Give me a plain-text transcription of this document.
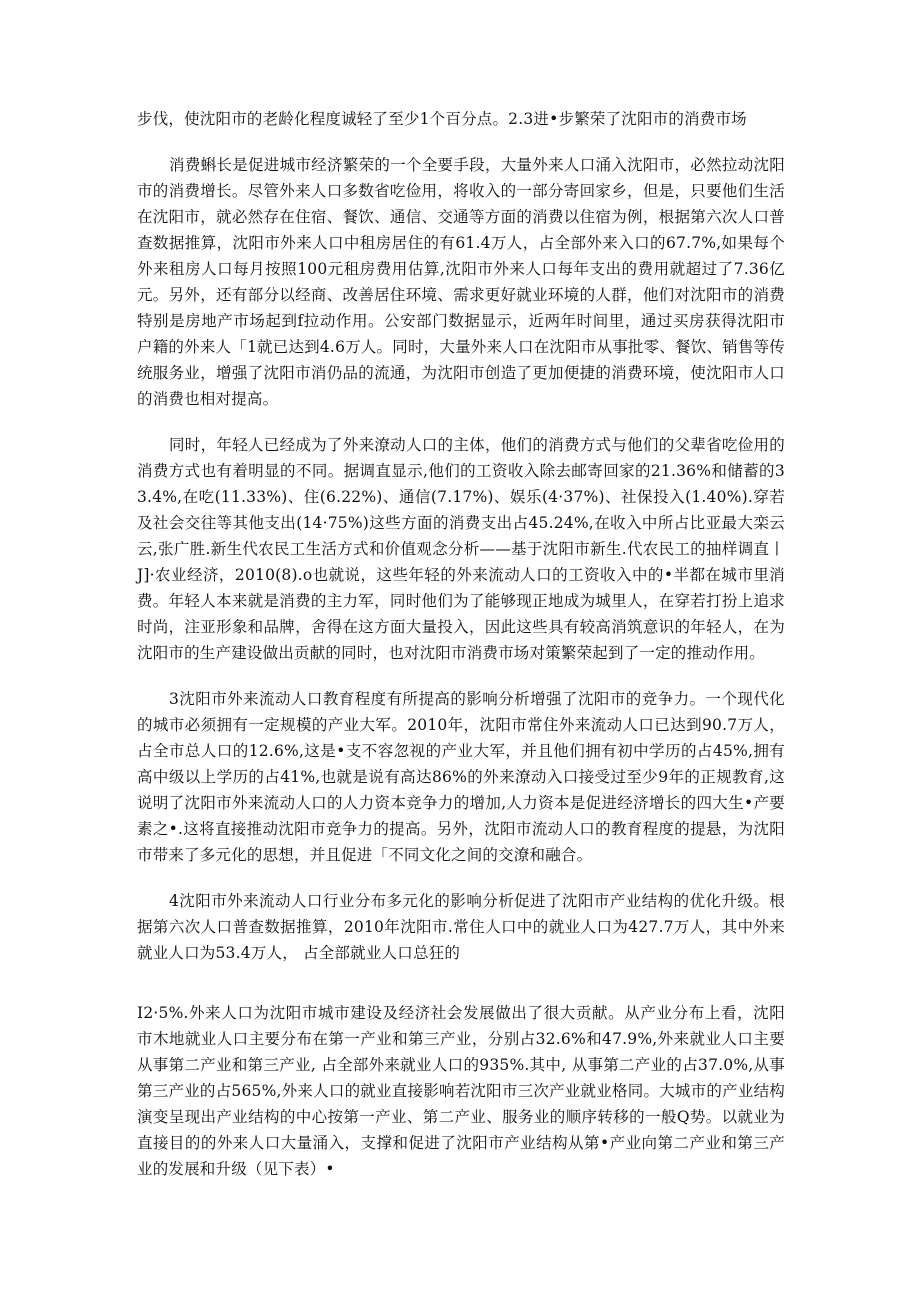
步伐，使沈阳市的老龄化程度诚轻了至少1个百分点。2.3进•步繁荣了沈阳市的消费市场

消费蝌长是促进城市经济繁荣的一个全要手段，大量外来人口涌入沈阳市，必然拉动沈阳市的消费增长。尽管外来人口多数省吃俭用，将收入的一部分寄回家乡，但是，只要他们生活在沈阳市，就必然存在住宿、餐饮、通信、交通等方面的消费以住宿为例，根据第六次人口普查数据推算，沈阳市外来人口中租房居住的有61.4万人，占全部外来入口的67.7%,如果每个外来租房人口每月按照100元租房费用估算,沈阳市外来人口每年支出的费用就超过了7.36亿元。另外，还有部分以经商、改善居住环境、需求更好就业环境的人群，他们对沈阳市的消费特别是房地产市场起到f拉动作用。公安部门数据显示，近两年时间里，通过买房获得沈阳市户籍的外来人「1就已达到4.6万人。同时，大量外来人口在沈阳市从事批零、餐饮、销售等传统服务业，增强了沈阳市消仍品的流通，为沈阳市创造了更加便捷的消费环境，使沈阳市人口的消费也相对提高。

同时，年轻人已经成为了外来潦动人口的主体，他们的消费方式与他们的父辈省吃俭用的消费方式也有着明显的不同。据调直显示,他们的工资收入除去邮寄回家的21.36%和储蓄的33.4%,在吃(11.33%)、住(6.22%)、通信(7.17%)、娱乐(4·37%)、社保投入(1.40%).穿若及社会交往等其他支出(14·75%)这些方面的消费支出占45.24%,在收入中所占比亚最大栾云云,张广胜.新生代农民工生活方式和价值观念分析——基于沈阳市新生.代农民工的抽样调直丨J]·农业经济，2010(8).o也就说，这些年轻的外来流动人口的工资收入中的•半都在城市里消费。年轻人本来就是消费的主力军，同时他们为了能够现正地成为城里人，在穿若打扮上追求时尚，注亚形象和品牌，舍得在这方面大量投入，因此这些具有较高消筑意识的年轻人，在为沈阳市的生产建设做出贡献的同时，也对沈阳市消费市场对策繁荣起到了一定的推动作用。

3沈阳市外来流动人口教育程度有所提高的影响分析增强了沈阳市的竞争力。一个现代化的城市必须拥有一定规模的产业大军。2010年，沈阳市常住外来流动人口已达到90.7万人，占全市总人口的12.6%,这是•支不容忽视的产业大军，并且他们拥有初中学历的占45%,拥有高中级以上学历的占41%,也就是说有高达86%的外来潦动入口接受过至少9年的正规教育,这说明了沈阳市外来流动人口的人力资本竞争力的增加,人力资本是促进经济增长的四大生•产要素之•.这将直接推动沈阳市竞争力的提高。另外，沈阳市流动人口的教育程度的提悬，为沈阳市带来了多元化的思想，并且促进「不同文化之间的交潦和融合。

4沈阳市外来流动人口行业分布多元化的影响分析促进了沈阳市产业结构的优化升级。根据第六次人口普查数据推算，2010年沈阳市.常住人口中的就业人口为427.7万人，其中外来就业人口为53.4万人， 占全部就业人口总狂的

I2·5%.外来人口为沈阳市城市建设及经济社会发展做出了很大贡献。从产业分布上看，沈阳市木地就业人口主要分布在第一产业和第三产业，分别占32.6%和47.9%,外来就业人口主要从事第二产业和第三产业, 占全部外来就业人口的935%.其中, 从事第二产业的占37.0%,从事第三产业的占565%,外来人口的就业直接影响若沈阳市三次产业就业格同。大城市的产业结构演变呈现出产业结构的中心按第一产业、第二产业、服务业的顺序转移的一般Q势。以就业为直接目的的外来人口大量涌入，支撑和促进了沈阳市产业结构从第•产业向第二产业和第三产业的发展和升级（见下表）•
